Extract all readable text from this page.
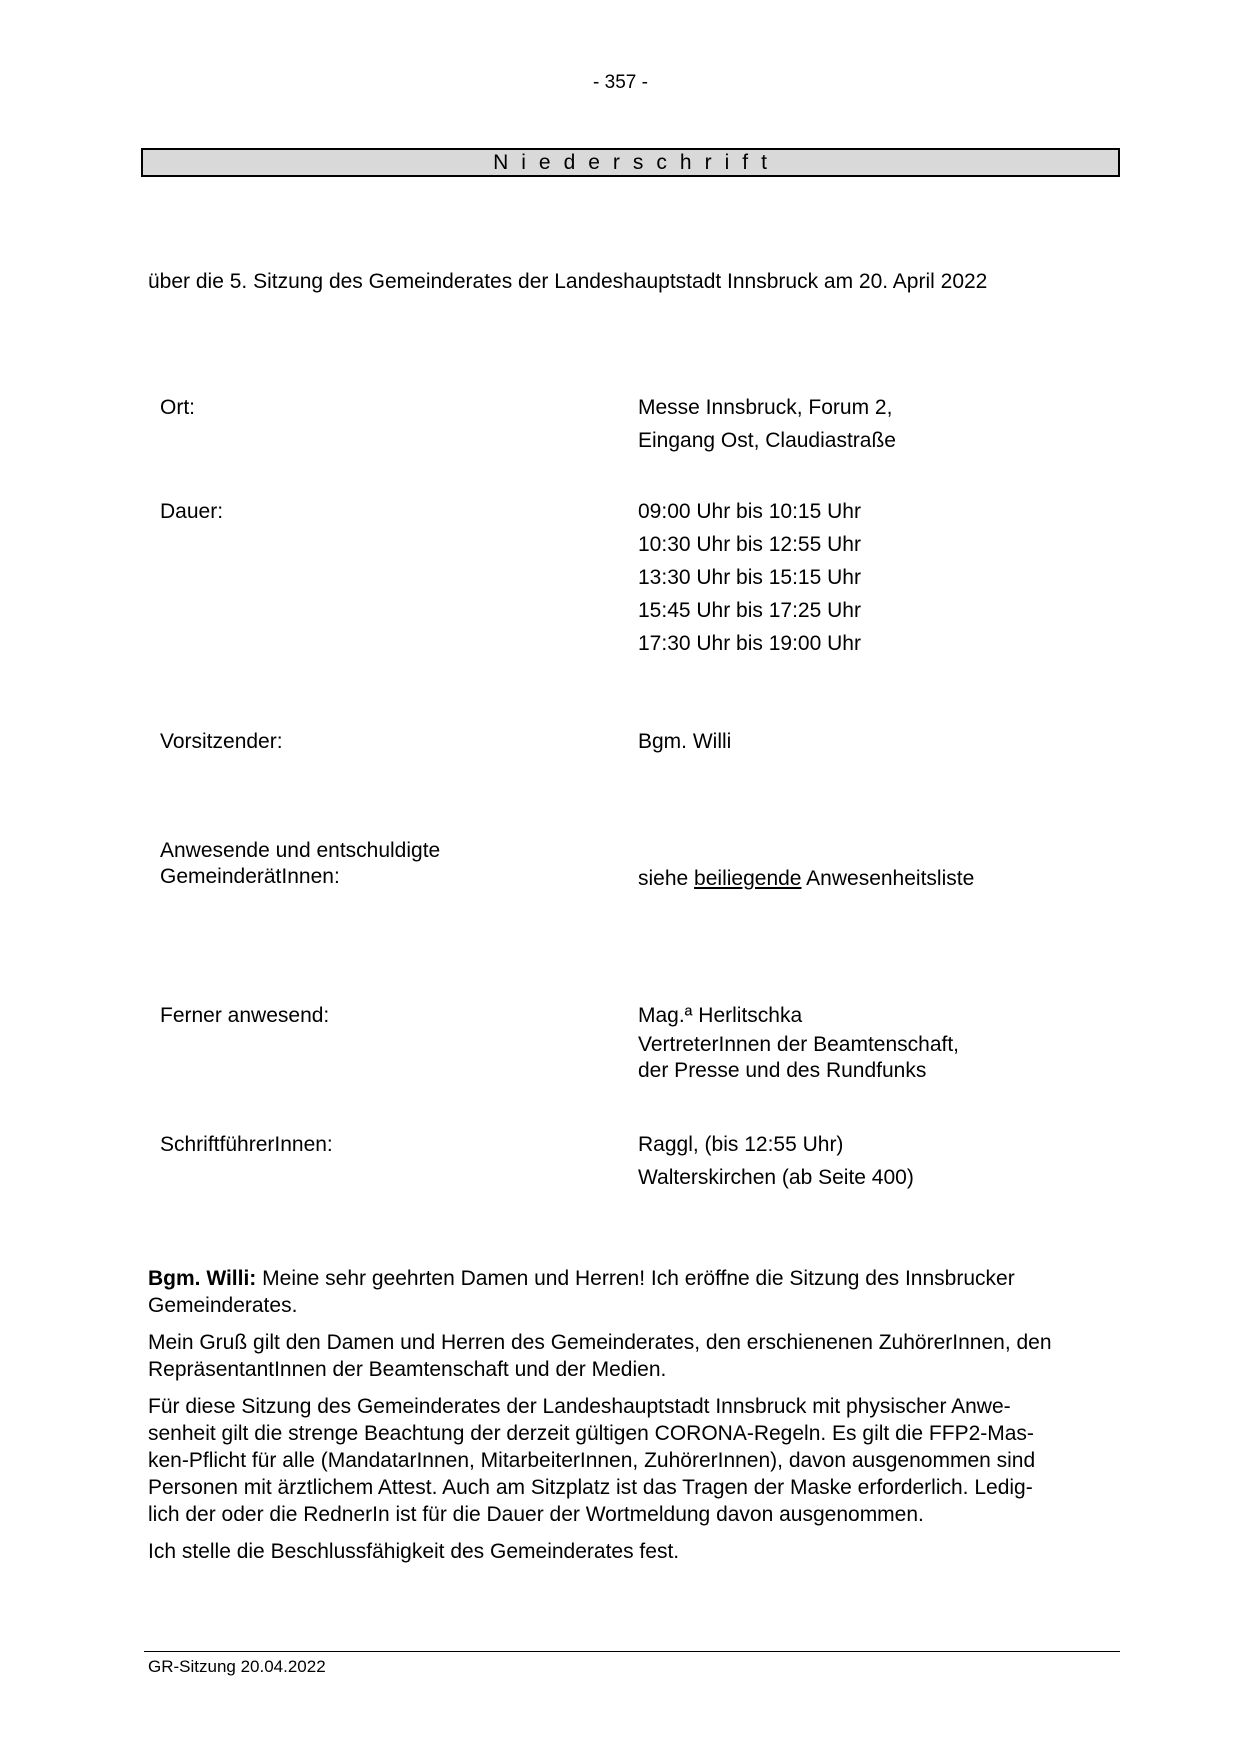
- 357 -
Niederschrift
über die 5. Sitzung des Gemeinderates der Landeshauptstadt Innsbruck am 20. April 2022
Ort:	Messe Innsbruck, Forum 2,
Eingang Ost, Claudiastraße
Dauer:	09:00 Uhr bis 10:15 Uhr
10:30 Uhr bis 12:55 Uhr
13:30 Uhr bis 15:15 Uhr
15:45 Uhr bis 17:25 Uhr
17:30 Uhr bis 19:00 Uhr
Vorsitzender:	Bgm. Willi
Anwesende und entschuldigte
GemeinderätInnen:	siehe beiliegende Anwesenheitsliste
Ferner anwesend:	Mag.ª Herlitschka
VertreterInnen der Beamtenschaft,
der Presse und des Rundfunks
SchriftführerInnen:	Raggl, (bis 12:55 Uhr)
Walterskirchen (ab Seite 400)

Bgm. Willi: Meine sehr geehrten Damen und Herren! Ich eröffne die Sitzung des Innsbrucker Gemeinderates.

Mein Gruß gilt den Damen und Herren des Gemeinderates, den erschienenen ZuhörerInnen, den RepräsentantInnen der Beamtenschaft und der Medien.

Für diese Sitzung des Gemeinderates der Landeshauptstadt Innsbruck mit physischer Anwe-
senheit gilt die strenge Beachtung der derzeit gültigen CORONA-Regeln. Es gilt die FFP2-Mas-
ken-Pflicht für alle (MandatarInnen, MitarbeiterInnen, ZuhörerInnen), davon ausgenommen sind
Personen mit ärztlichem Attest. Auch am Sitzplatz ist das Tragen der Maske erforderlich. Ledig-
lich der oder die RednerIn ist für die Dauer der Wortmeldung davon ausgenommen.

Ich stelle die Beschlussfähigkeit des Gemeinderates fest.

GR-Sitzung 20.04.2022
